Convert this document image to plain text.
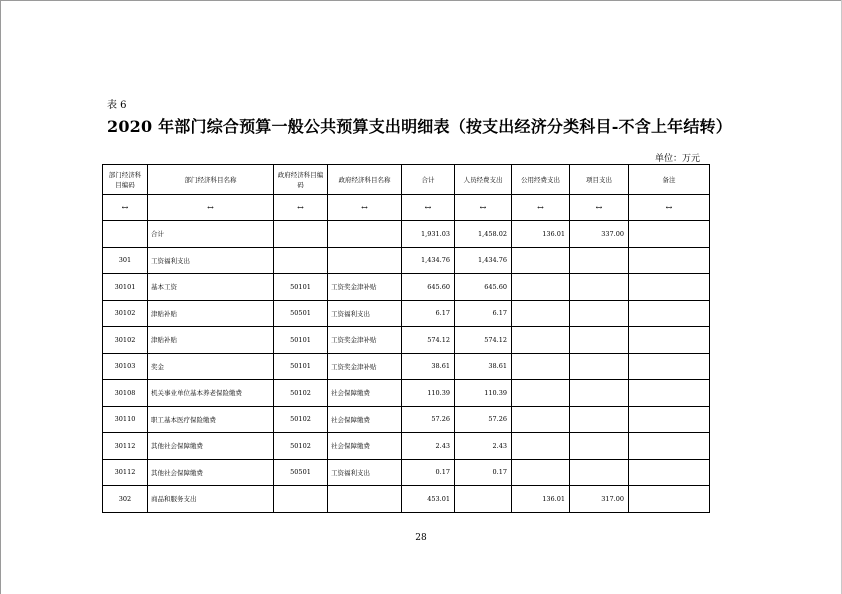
表 6
2020 年部门综合预算一般公共预算支出明细表（按支出经济分类科目-不含上年结转）
单位：万元
部门经济科目编码	部门经济科目名称	政府经济科目编码	政府经济科目名称	合计	人员经费支出	公用经费支出	项目支出	备注
↔	↔	↔	↔	↔	↔	↔	↔	↔
	合计			1,931.03	1,458.02	136.01	337.00	
301	工资福利支出			1,434.76	1,434.76			
30101	基本工资	50101	工资奖金津补贴	645.60	645.60			
30102	津贴补贴	50501	工资福利支出	6.17	6.17			
30102	津贴补贴	50101	工资奖金津补贴	574.12	574.12			
30103	奖金	50101	工资奖金津补贴	38.61	38.61			
30108	机关事业单位基本养老保险缴费	50102	社会保障缴费	110.39	110.39			
30110	职工基本医疗保险缴费	50102	社会保障缴费	57.26	57.26			
30112	其他社会保障缴费	50102	社会保障缴费	2.43	2.43			
30112	其他社会保障缴费	50501	工资福利支出	0.17	0.17			
302	商品和服务支出			453.01		136.01	317.00	
28
